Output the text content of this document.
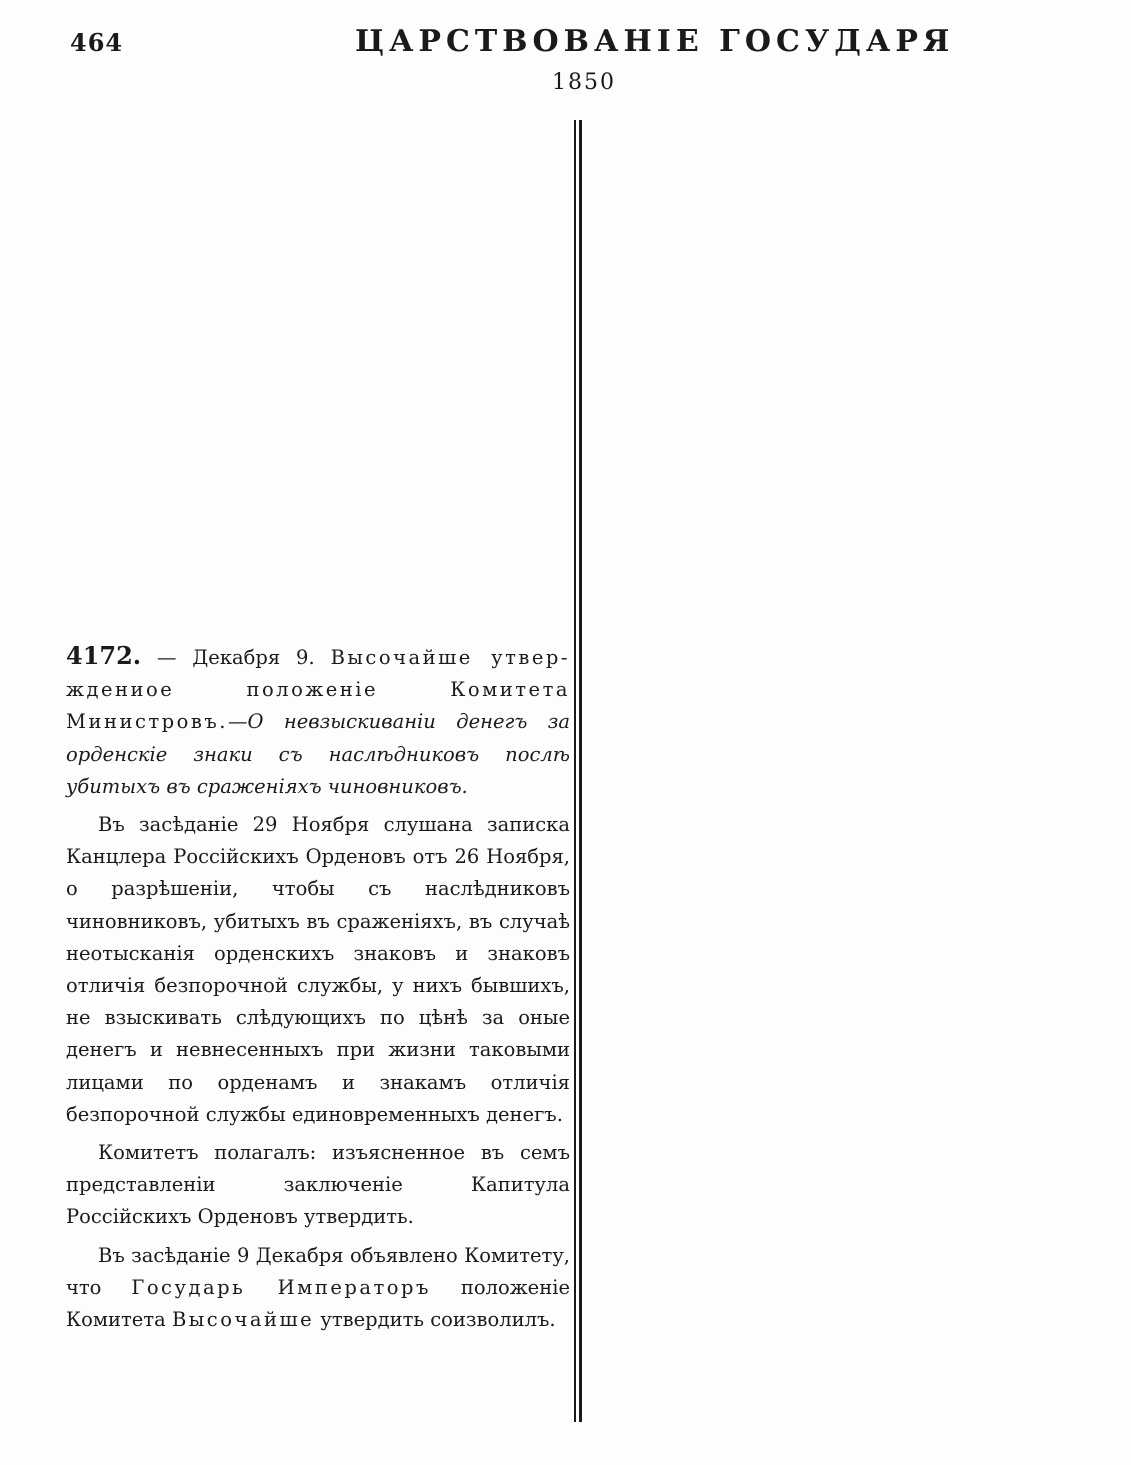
464	ЦАРСТВОВАНІЕ ГОСУДАРЯ
1850

4172. — Декабря 9. Высочайше утвер-ждениое положеніе Комитета Министровъ.—О невзыскиваніи денегъ за орденскіе знаки съ наслѣдниковъ послѣ убитыхъ въ сраженіяхъ чиновниковъ.

Въ засѣданіе 29 Ноября слушана записка Канцлера Россійскихъ Орденовъ отъ 26 Ноября, о разрѣшеніи, чтобы съ наслѣдниковъ чиновниковъ, убитыхъ въ сраженіяхъ, въ случаѣ неотысканія орденскихъ знаковъ и знаковъ отличія безпорочной службы, у нихъ бывшихъ, не взыскивать слѣдующихъ по цѣнѣ за оные денегъ и невнесенныхъ при жизни таковыми лицами по орденамъ и знакамъ отличія безпорочной службы единовременныхъ денегъ.

Комитетъ полагалъ: изъясненное въ семъ представленіи заключеніе Капитула Россійскихъ Орденовъ утвердить.

Въ засѣданіе 9 Декабря объявлено Комитету, что Государь Императоръ положеніе Комитета Высочайше утвердить соизволилъ.
